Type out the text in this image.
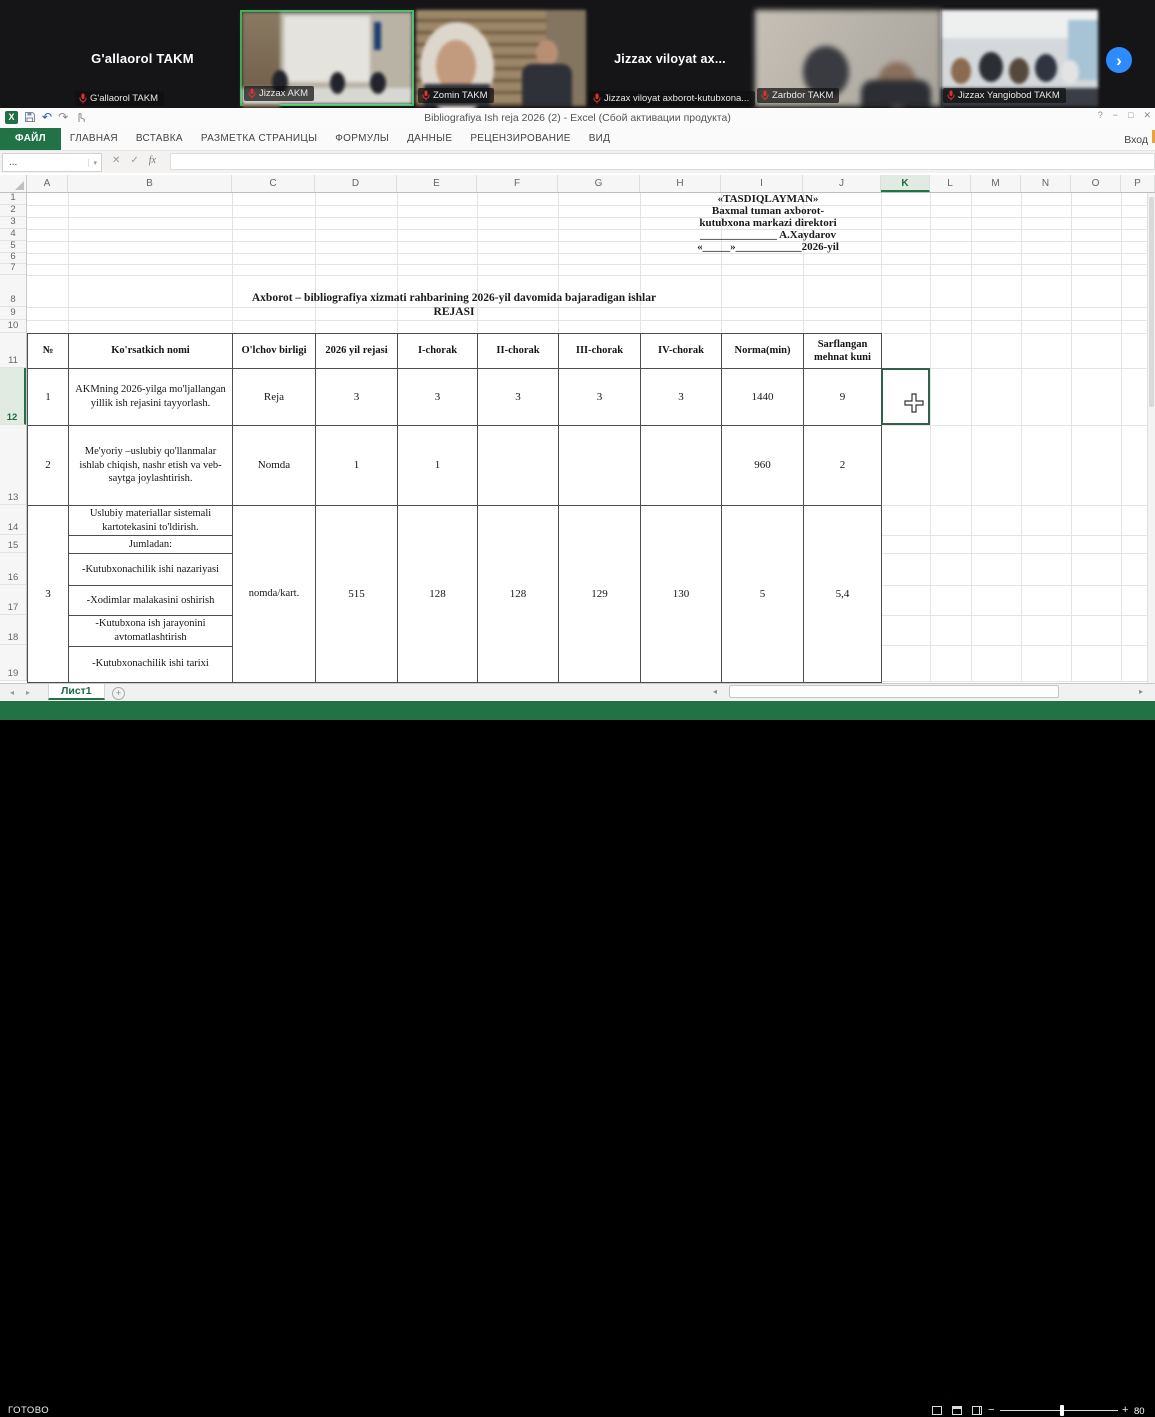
G'allaorol TAKM
Jizzax AKM	Zomin TAKM
Jizzax viloyat ax...
Zarbdor TAKM	Jizzax Yangiobod TAKM
G'allaorol TAKM	Jizzax viloyat axborot-kutubxona...
›
X ↶ ↷	Bibliografiya Ish reja 2026 (2) - Excel (Сбой активации продукта)	? − □ ✕
ФАЙЛ	ГЛАВНАЯ	ВСТАВКА	РАЗМЕТКА СТРАНИЦЫ	ФОРМУЛЫ	ДАННЫЕ	РЕЦЕНЗИРОВАНИЕ	ВИД	Вход
...	▾	✕ ✓ fx
A	B	C	D	E	F	G	H	I	J	K	L	M	N	O	P
«TASDIQLAYMAN»
Baxmal tuman axborot-
kutubxona markazi direktori
______________ A.Xaydarov
«_____»____________2026-yil
Axborot – bibliografiya xizmati rahbarining 2026-yil davomida bajaradigan ishlar
REJASI
№	Ko'rsatkich nomi	O'lchov birligi	2026 yil rejasi	I-chorak	II-chorak	III-chorak	IV-chorak	Norma(min)	Sarflangan mehnat kuni
1	AKMning 2026-yilga mo'ljallangan yillik ish rejasini tayyorlash.	Reja	3	3	3	3	3	1440	9
2	Me'yoriy –uslubiy qo'llanmalar ishlab chiqish, nashr etish va veb-saytga joylashtirish.	Nomda	1	1				960	2
3	Uslubiy materiallar sistemali kartotekasini to'ldirish.	nomda/kart.	515	128	128	129	130	5	5,4
	Jumladan:								
	-Kutubxonachilik ishi nazariyasi								
	-Xodimlar malakasini oshirish								
	-Kutubxona ish jarayonini avtomatlashtirish								
	-Kutubxonachilik ishi tarixi								
1
2
3
4
5
6
7
8
9
10
11
12
13
14
15
16
17
18
19
◂ ▸	Лист1	+	◂	▸
ГОТОВО	−	+ 80
